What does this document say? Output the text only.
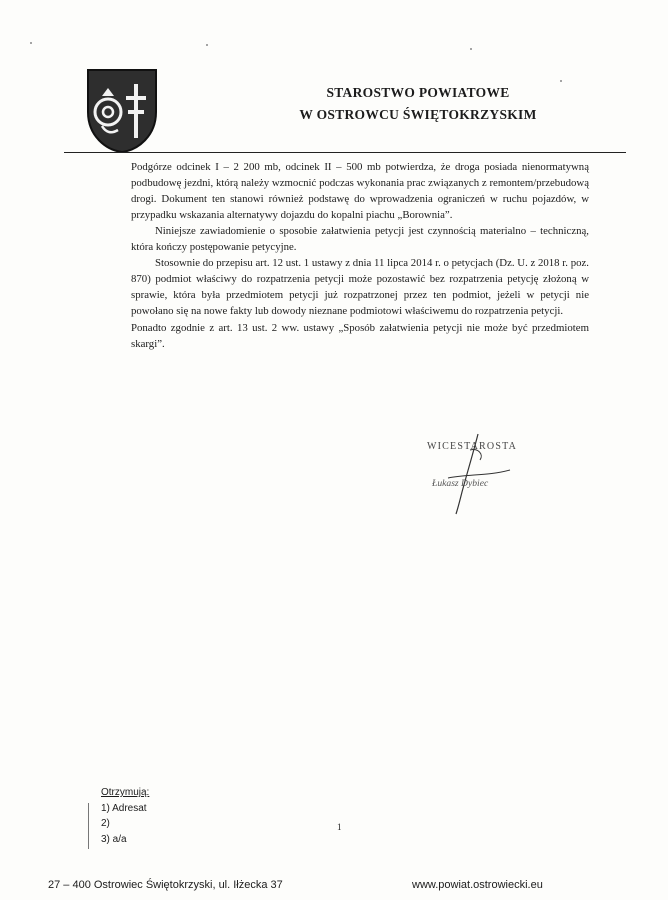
STAROSTWO POWIATOWE
W OSTROWCU ŚWIĘTOKRZYSKIM

Podgórze odcinek I – 2 200 mb, odcinek II – 500 mb potwierdza, że droga posiada nienormatywną podbudowę jezdni, którą należy wzmocnić podczas wykonania prac związanych z remontem/przebudową drogi. Dokument ten stanowi również podstawę do wprowadzenia ograniczeń w ruchu pojazdów, w przypadku wskazania alternatywy dojazdu do kopalni piachu „Borownia”.

Niniejsze zawiadomienie o sposobie załatwienia petycji jest czynnością materialno – techniczną, która kończy postępowanie petycyjne.

Stosownie do przepisu art. 12 ust. 1 ustawy z dnia 11 lipca 2014 r. o petycjach (Dz. U. z 2018 r. poz. 870) podmiot właściwy do rozpatrzenia petycji może pozostawić bez rozpatrzenia petycję złożoną w sprawie, która była przedmiotem petycji już rozpatrzonej przez ten podmiot, jeżeli w petycji nie powołano się na nowe fakty lub dowody nieznane podmiotowi właściwemu do rozpatrzenia petycji.

Ponadto zgodnie z art. 13 ust. 2 ww. ustawy „Sposób załatwienia petycji nie może być przedmiotem skargi”.

WICESTAROSTA
Łukasz Dybiec
Otrzymują:
1) Adresat
2)
3) a/a
1
27 – 400 Ostrowiec Świętokrzyski, ul. Iłżecka 37	www.powiat.ostrowiecki.eu
